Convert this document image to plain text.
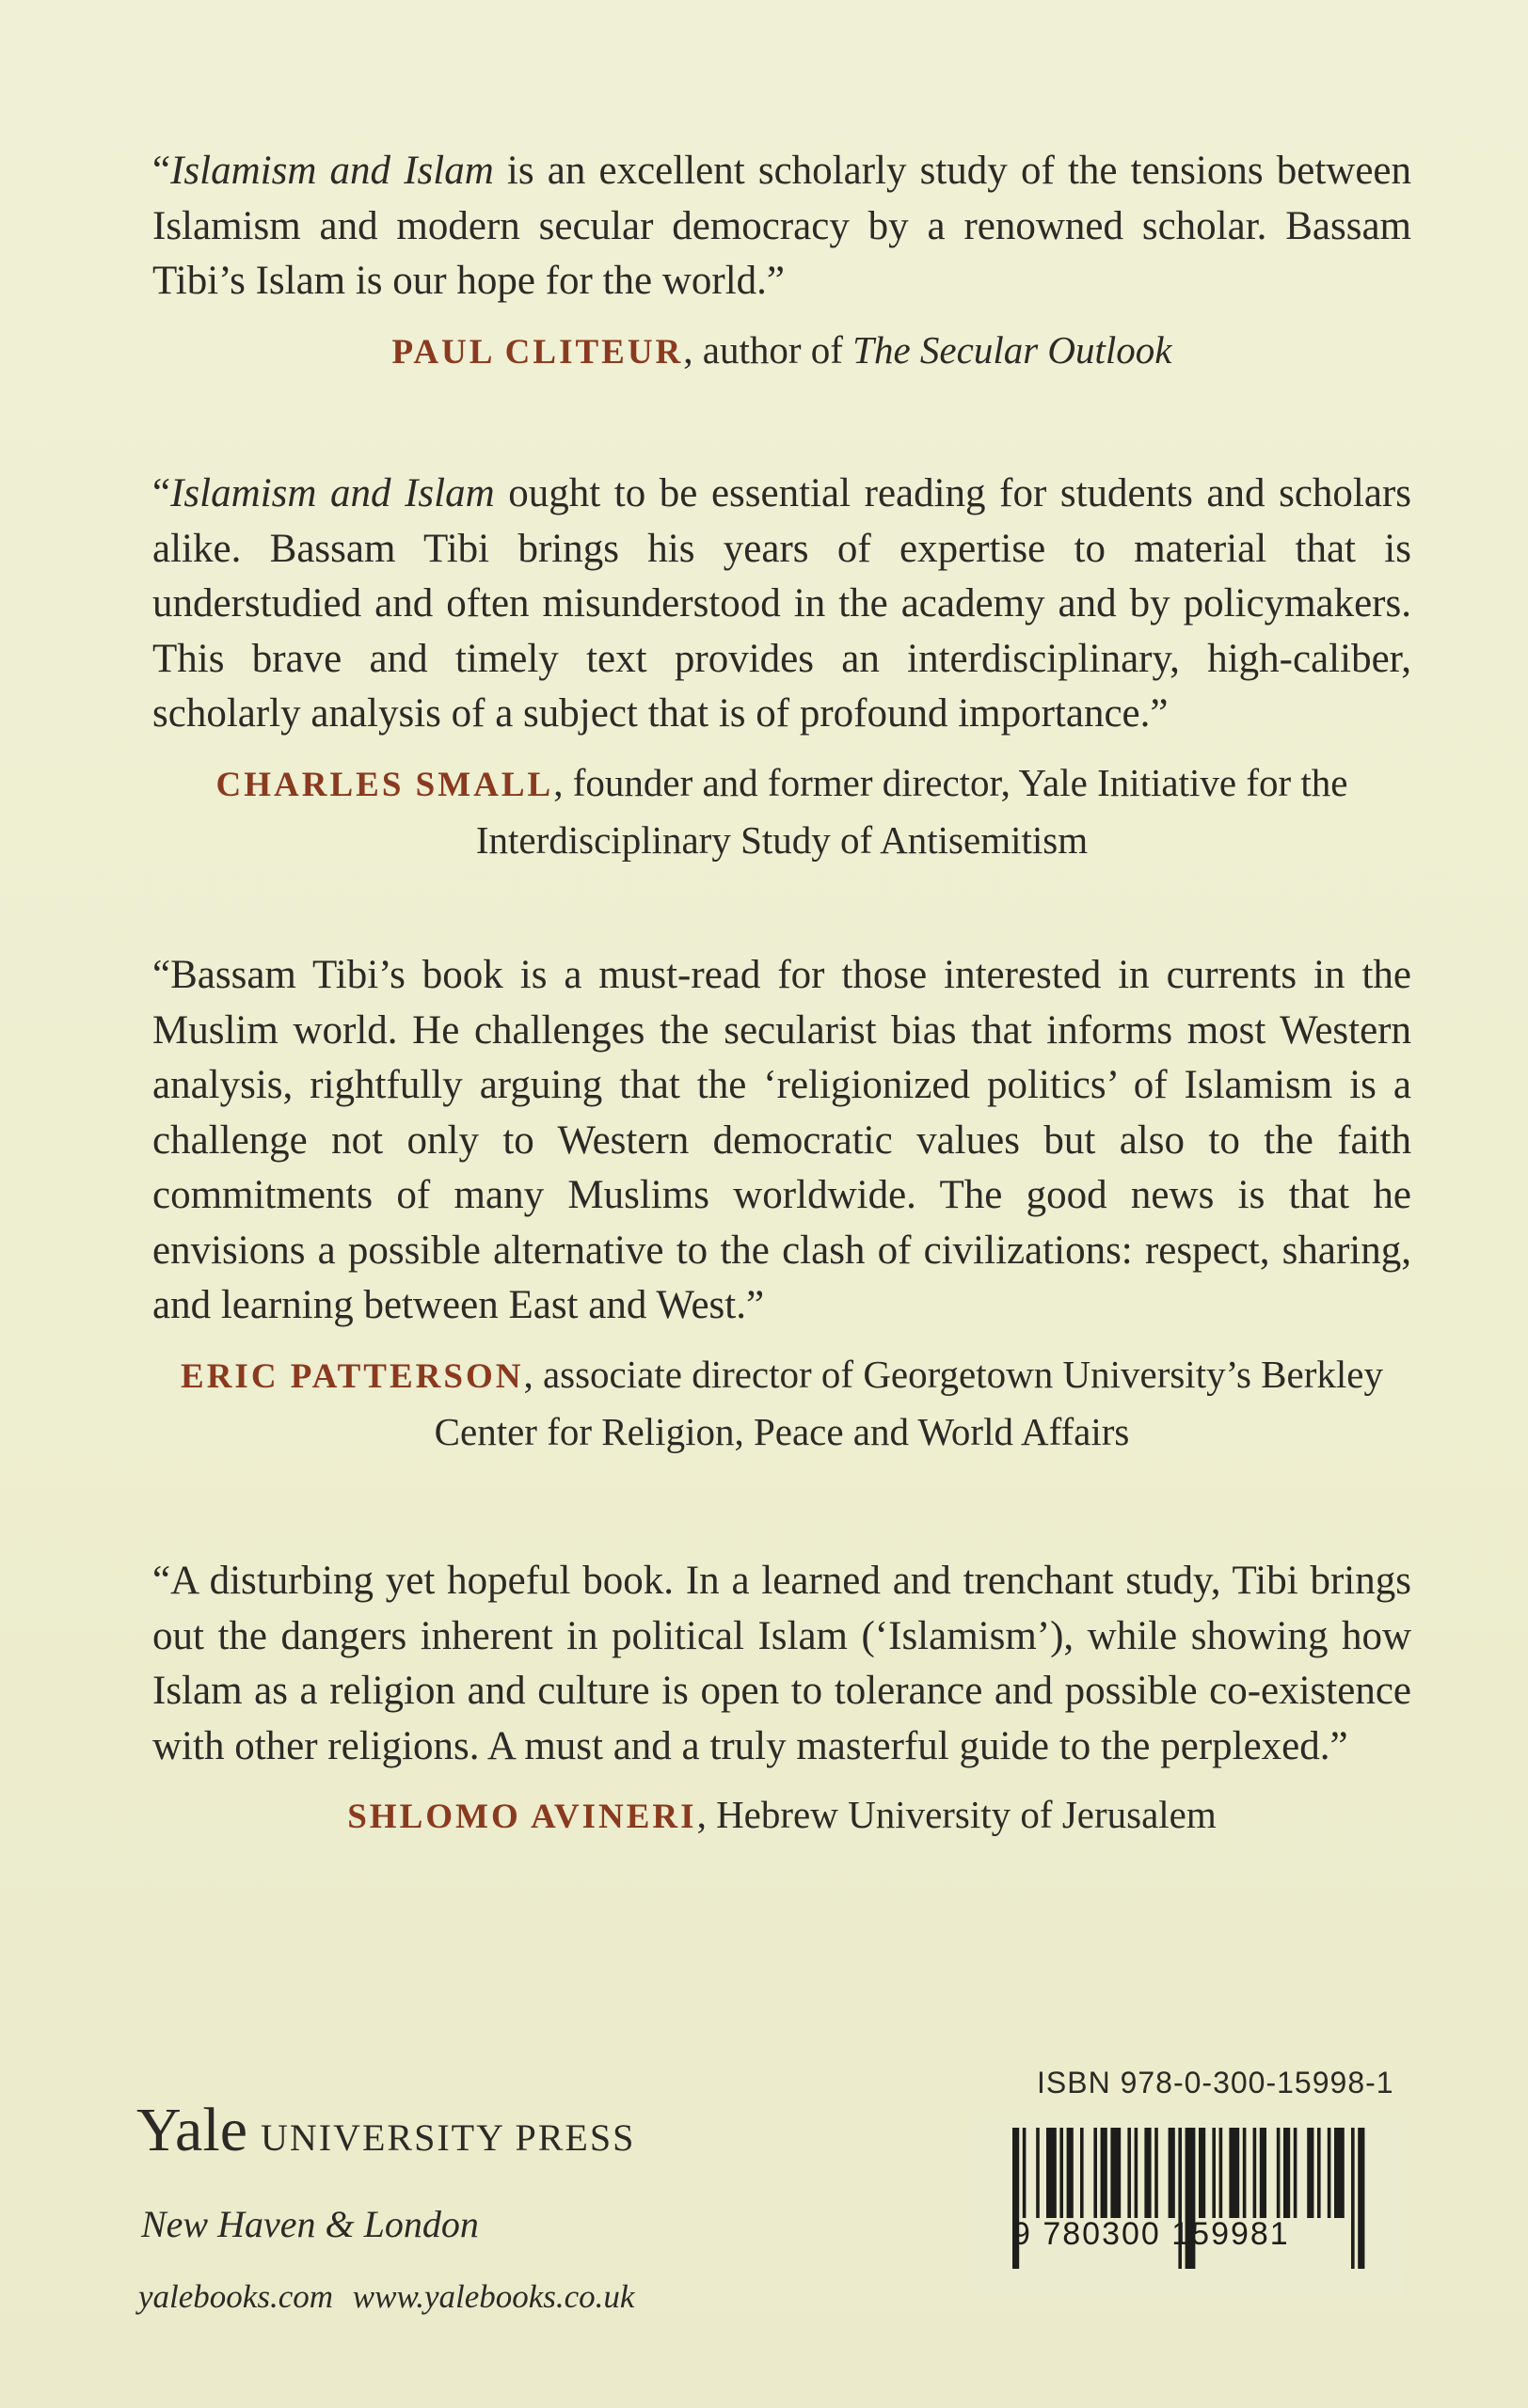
“Islamism and Islam is an excellent scholarly study of the tensions between Islamism and modern secular democracy by a renowned scholar. Bassam Tibi’s Islam is our hope for the world.”

PAUL CLITEUR, author of The Secular Outlook

“Islamism and Islam ought to be essential reading for students and scholars alike. Bassam Tibi brings his years of expertise to material that is understudied and often misunderstood in the academy and by policymakers. This brave and timely text provides an interdisciplinary, high-caliber, scholarly analysis of a subject that is of profound importance.”

CHARLES SMALL, founder and former director, Yale Initiative for the Interdisciplinary Study of Antisemitism

“Bassam Tibi’s book is a must-read for those interested in currents in the Muslim world. He challenges the secularist bias that informs most Western analysis, rightfully arguing that the ‘religionized politics’ of Islamism is a challenge not only to Western democratic values but also to the faith commitments of many Muslims worldwide. The good news is that he envisions a possible alternative to the clash of civilizations: respect, sharing, and learning between East and West.”

ERIC PATTERSON, associate director of Georgetown University’s Berkley Center for Religion, Peace and World Affairs

“A disturbing yet hopeful book. In a learned and trenchant study, Tibi brings out the dangers inherent in political Islam (‘Islamism’), while showing how Islam as a religion and culture is open to tolerance and possible co-existence with other religions. A must and a truly masterful guide to the perplexed.”

SHLOMO AVINERI, Hebrew University of Jerusalem

Yale UNIVERSITY PRESS
New Haven & London
yalebooks.com www.yalebooks.co.uk
ISBN 978-0-300-15998-1
9 780300 159981
